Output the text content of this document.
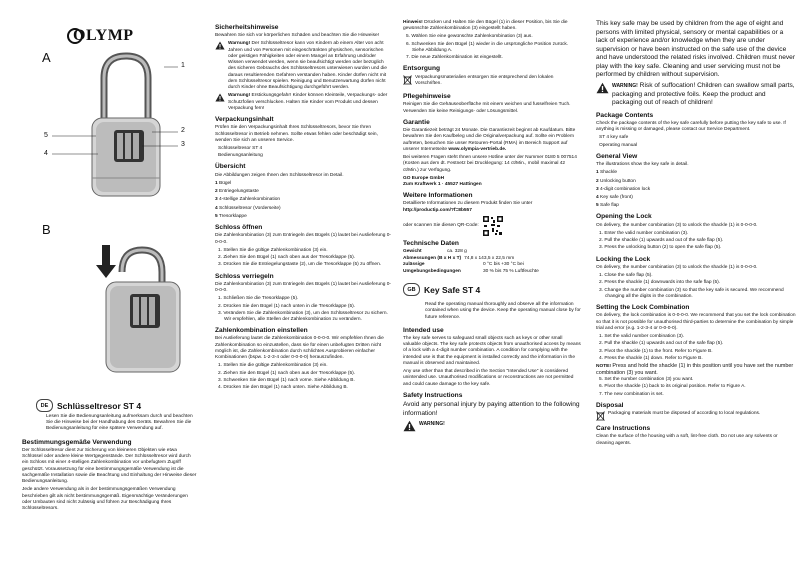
OLYMP
A
1
2
3
5
4
B
DE	Schlüsseltresor ST 4
Lesen Sie die Bedienungsanleitung aufmerksam durch und beachten Sie die Hinweise bei der Handhabung des Geräts. Bewahren Sie die Bedienungsanleitung für eine spätere Verwendung auf.
Bestimmungsgemäße Verwendung
Der Schlüsseltresor dient zur Sicherung von kleineren Objekten wie etwa Schlüssel oder andere kleine Wertgegenstände. Der Schlüsseltresor wird durch ein Schloss mit einer 4-stelligen Zahlenkombination vor unbefugtem Zugriff geschützt. Voraussetzung für eine bestimmungsgemäße Verwendung ist die sachgemäße Installation sowie die Beachtung und Einhaltung der Hinweise dieser Bedienungsanleitung.
Jede andere Verwendung als in der bestimmungsgemäßen Verwendung beschrieben gilt als nicht bestimmungsgemäß. Eigenmächtige Veränderungen oder Umbauten sind nicht zulässig und führen zur Beschädigung Ihres Schlüsseltresors.
Sicherheitshinweise
Bewahren Sie sich vor körperlichen Schäden und beachten Sie die Hinweise!
Warnung! Der Schlüsseltresor kann von Kindern ab einem Alter von acht Jahren und von Personen mit eingeschränkten physischen, sensorischen oder geistigen Fähigkeiten oder einem Mangel an Erfahrung und/oder Wissen verwendet werden, wenn sie beaufsichtigt werden oder bezüglich des sicheren Gebrauchs des Schlüsseltresors unterwiesen wurden und die daraus resultierenden Gefahren verstanden haben. Kinder dürfen nicht mit dem Schlüsseltresor spielen. Reinigung und Benutzerwartung dürfen nicht durch Kinder ohne Beaufsichtigung durchgeführt werden.
Warnung! Erstickungsgefahr! Kinder können Kleinteile, Verpackungs- oder Schutzfolien verschlucken. Halten Sie Kinder vom Produkt und dessen Verpackung fern!
Verpackungsinhalt
Prüfen Sie den Verpackungsinhalt Ihres Schlüsseltresors, bevor Sie Ihren Schlüsseltresor in Betrieb nehmen. Sollte etwas fehlen oder beschädigt sein, wenden Sie sich an unseren Service.
Schlüsseltresor ST 4
Bedienungsanleitung
Übersicht
Die Abbildungen zeigen Ihnen den Schlüsseltresor im Detail.
1 Bügel
2 Entriegelungstaste
3 4-stellige Zahlenkombination
4 Schlüsseltresor (Vorderseite)
5 Tresorklappe
Schloss öffnen
Die Zahlenkombination (3) zum Entriegeln des Bügels (1) lautet bei Auslieferung 0-0-0-0.
1. Stellen Sie die gültige Zahlenkombination (3) ein.
2. Ziehen Sie den Bügel (1) nach oben aus der Tresorklappe (5).
3. Drücken Sie die Entriegelungstaste (2), um die Tresorklappe (5) zu öffnen.
Schloss verriegeln
Die Zahlenkombination (3) zum Entriegeln des Bügels (1) lautet bei Auslieferung 0-0-0-0.
1. Schließen Sie die Tresorklappe (5).
2. Drücken Sie den Bügel (1) nach unten in die Tresorklappe (5).
3. Verändern Sie die Zahlenkombination (3), um den Schlüsseltresor zu sichern. Wir empfehlen, alle Stellen der Zahlenkombination zu verändern.
Zahlenkombination einstellen
Bei Auslieferung lautet die Zahlenkombination 0-0-0-0. Wir empfehlen Ihnen die Zahlenkombination so einzustellen, dass sie für einen unbefugten Dritten nicht möglich ist, die Zahlenkombination durch schlichtes Ausprobieren einfacher Kombinationen (bspw. 1-2-3-4 oder 0-0-0-0) herauszufinden.
1. Stellen Sie die gültige Zahlenkombination (3) ein.
2. Ziehen Sie den Bügel (1) nach oben aus der Tresorklappe (5).
3. Schwenken Sie den Bügel (1) nach vorne. Siehe Abbildung B.
4. Drücken Sie den Bügel (1) nach unten. Siehe Abbildung B.
Hinweis! Drücken und Halten Sie den Bügel (1) in dieser Position, bis Sie die gewünschte Zahlenkombination (3) eingestellt haben.
5. Wählen Sie eine gewünschte Zahlenkombination (3) aus.
6. Schwenken Sie den Bügel (1) wieder in die ursprüngliche Position zurück. Siehe Abbildung A.
7. Die neue Zahlenkombination ist eingestellt.
Entsorgung
Verpackungsmaterialien entsorgen Sie entsprechend den lokalen Vorschriften.
Pflegehinweise
Reinigen Sie die Gehäuseoberfläche mit einem weichen und fusselfreien Tuch. Verwenden Sie keine Reinigungs- oder Lösungsmittel.
Garantie
Die Garantiezeit beträgt 24 Monate. Die Garantiezeit beginnt ab Kaufdatum. Bitte bewahren Sie den Kaufbeleg und die Originalverpackung auf. Sollte ein Problem auftreten, besuchen Sie unser Retouren-Portal (RMA) im Bereich Support auf unserer Internetseite www.olympia-vertrieb.de.
Bei weiteren Fragen steht Ihnen unsere Hotline unter der Nummer 0180 5 007514 (Kosten aus dem dt. Festnetz bei Drucklegung: 14 ct/Min., mobil maximal 42 ct/Min.) zur Verfügung.
GO Europe GmbH
Zum Kraftwerk 1 · 45527 Hattingen
Weitere Informationen
Detaillierte Informationen zu diesem Produkt finden Sie unter
http://productip.com/?f=8b557
oder scannen Sie diesen QR-Code:
Technische Daten
Gewicht	ca. 328 g
Abmessungen (B x H x T) 74,8 x 143,5 x 22,5 mm
zulässige
Umgebungsbedingungen
0 °C bis +30 °C bei
30 % bis 75 % Luftfeuchte
GB Key Safe ST 4
Read the operating manual thoroughly and observe all the information contained when using the device. Keep the operating manual close by for future reference.
Intended use
The key safe serves to safeguard small objects such as keys or other small valuable objects. The key safe protects objects from unauthorised access by means of a lock with a 4-digit number combination. A condition for complying with the intended use is that the equipment is installed correctly and the information in the manual is observed and maintained.
Any use other than that described in the Section "Intended Use" is considered unintended use. Unauthorised modifications or reconstructions are not permitted and could cause damage to the key safe.
Safety Instructions
Avoid any personal injury by paying attention to the following information!
WARNING!
This key safe may be used by children from the age of eight and persons with limited physical, sensory or mental capabilities or a lack of experience and/or knowledge when they are under supervision or have been instructed on the safe use of the device and have understood the related risks involved. Children must never play with the key safe. Cleaning and user servicing must not be performed by children without supervision.
WARNING! Risk of suffocation! Children can swallow small parts, packaging and protective foils. Keep the product and packaging out of reach of children!
Package Contents
Check the package contents of the key safe carefully before putting the key safe to use. If anything is missing or damaged, please contact our Service Department.
ST 4 key safe
Operating manual
General View
The illustrations show the key safe in detail.
1 Shackle
2 Unlocking button
3 4-digit combination lock
4 Key safe (front)
5 Safe flap
Opening the Lock
On delivery, the number combination (3) to unlock the shackle (1) is 0-0-0-0.
1. Enter the valid number combination (3).
2. Pull the shackle (1) upwards and out of the safe flap (5).
3. Press the unlocking button (2) to open the safe flap (5).
Locking the Lock
On delivery, the number combination (3) to unlock the shackle (1) is 0-0-0-0.
1. Close the safe flap (5).
2. Press the shackle (1) downwards into the safe flap (5).
3. Change the number combination (3) so that the key safe is secured. We recommend changing all the digits in the combination.
Setting the Lock Combination
On delivery, the lock combination is 0-0-0-0. We recommend that you set the lock combination so that it is not possible for unauthorised third-parties to determine the combination by simple trial and error (e.g. 1-2-3-4 or 0-0-0-0).
1. Set the valid number combination (3).
2. Pull the shackle (1) upwards and out of the safe flap (5).
3. Pivot the shackle (1) to the front. Refer to Figure B.
4. Press the shackle (1) down. Refer to Figure B.
NOTE! Press and hold the shackle (1) in this position until you have set the number combination (3) you want.
5. Set the number combination (3) you want.
6. Pivot the shackle (1) back to its original position. Refer to Figure A.
7. The new combination is set.
Disposal
Packaging materials must be disposed of according to local regulations.
Care Instructions
Clean the surface of the housing with a soft, lint-free cloth. Do not use any solvents or cleaning agents.
